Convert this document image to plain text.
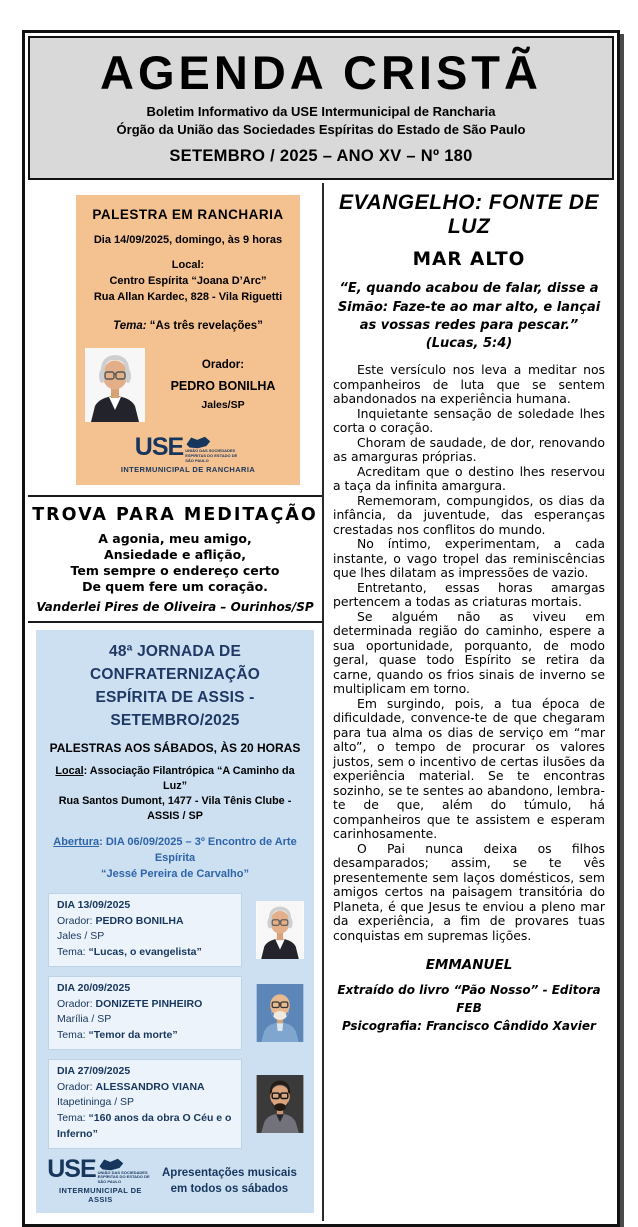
AGENDA CRISTÃ
Boletim Informativo da USE Intermunicipal de Rancharia
Órgão da União das Sociedades Espíritas do Estado de São Paulo
SETEMBRO / 2025 – ANO XV – Nº 180
PALESTRA EM RANCHARIA
Dia 14/09/2025, domingo, às 9 horas
Local:
Centro Espírita “Joana D’Arc”
Rua Allan Kardec, 828 - Vila Riguetti
Tema: “As três revelações”
Orador:
PEDRO BONILHA
Jales/SP
USE UNIÃO DAS SOCIEDADES ESPÍRITAS DO ESTADO DE SÃO PAULO
INTERMUNICIPAL DE RANCHARIA
TROVA PARA MEDITAÇÃO
A agonia, meu amigo,
Ansiedade e aflição,
Tem sempre o endereço certo
De quem fere um coração.
Vanderlei Pires de Oliveira – Ourinhos/SP
48ª JORNADA DE CONFRATERNIZAÇÃO
ESPÍRITA DE ASSIS - SETEMBRO/2025
PALESTRAS AOS SÁBADOS, ÀS 20 HORAS
Local: Associação Filantrópica “A Caminho da Luz”
Rua Santos Dumont, 1477 - Vila Tênis Clube - ASSIS / SP
Abertura: DIA 06/09/2025 – 3º Encontro de Arte Espírita
“Jessé Pereira de Carvalho”
DIA 13/09/2025
Orador: PEDRO BONILHA
Jales / SP
Tema: “Lucas, o evangelista”
DIA 20/09/2025
Orador: DONIZETE PINHEIRO
Marília / SP
Tema: “Temor da morte”
DIA 27/09/2025
Orador: ALESSANDRO VIANA
Itapetininga / SP
Tema: “160 anos da obra O Céu e o Inferno”
USE UNIÃO DAS SOCIEDADES ESPÍRITAS DO ESTADO DE SÃO PAULO
INTERMUNICIPAL DE ASSIS
Apresentações musicais em todos os sábados
EVANGELHO: FONTE DE LUZ
MAR ALTO
“E, quando acabou de falar, disse a Simão: Faze-te ao mar alto, e lançai as vossas redes para pescar.” (Lucas, 5:4)

Este versículo nos leva a meditar nos companheiros de luta que se sentem abandonados na experiência humana.

Inquietante sensação de soledade lhes corta o coração.

Choram de saudade, de dor, renovando as amarguras próprias.

Acreditam que o destino lhes reservou a taça da infinita amargura.

Rememoram, compungidos, os dias da infância, da juventude, das esperanças crestadas nos conflitos do mundo.

No íntimo, experimentam, a cada instante, o vago tropel das reminiscências que lhes dilatam as impressões de vazio.

Entretanto, essas horas amargas pertencem a todas as criaturas mortais.

Se alguém não as viveu em determinada região do caminho, espere a sua oportunidade, porquanto, de modo geral, quase todo Espírito se retira da carne, quando os frios sinais de inverno se multiplicam em torno.

Em surgindo, pois, a tua época de dificuldade, convence-te de que chegaram para tua alma os dias de serviço em “mar alto”, o tempo de procurar os valores justos, sem o incentivo de certas ilusões da experiência material. Se te encontras sozinho, se te sentes ao abandono, lembra-te de que, além do túmulo, há companheiros que te assistem e esperam carinhosamente.

O Pai nunca deixa os filhos desamparados; assim, se te vês presentemente sem laços domésticos, sem amigos certos na paisagem transitória do Planeta, é que Jesus te enviou a pleno mar da experiência, a fim de provares tuas conquistas em supremas lições.

EMMANUEL
Extraído do livro “Pão Nosso” - Editora FEB
Psicografia: Francisco Cândido Xavier
